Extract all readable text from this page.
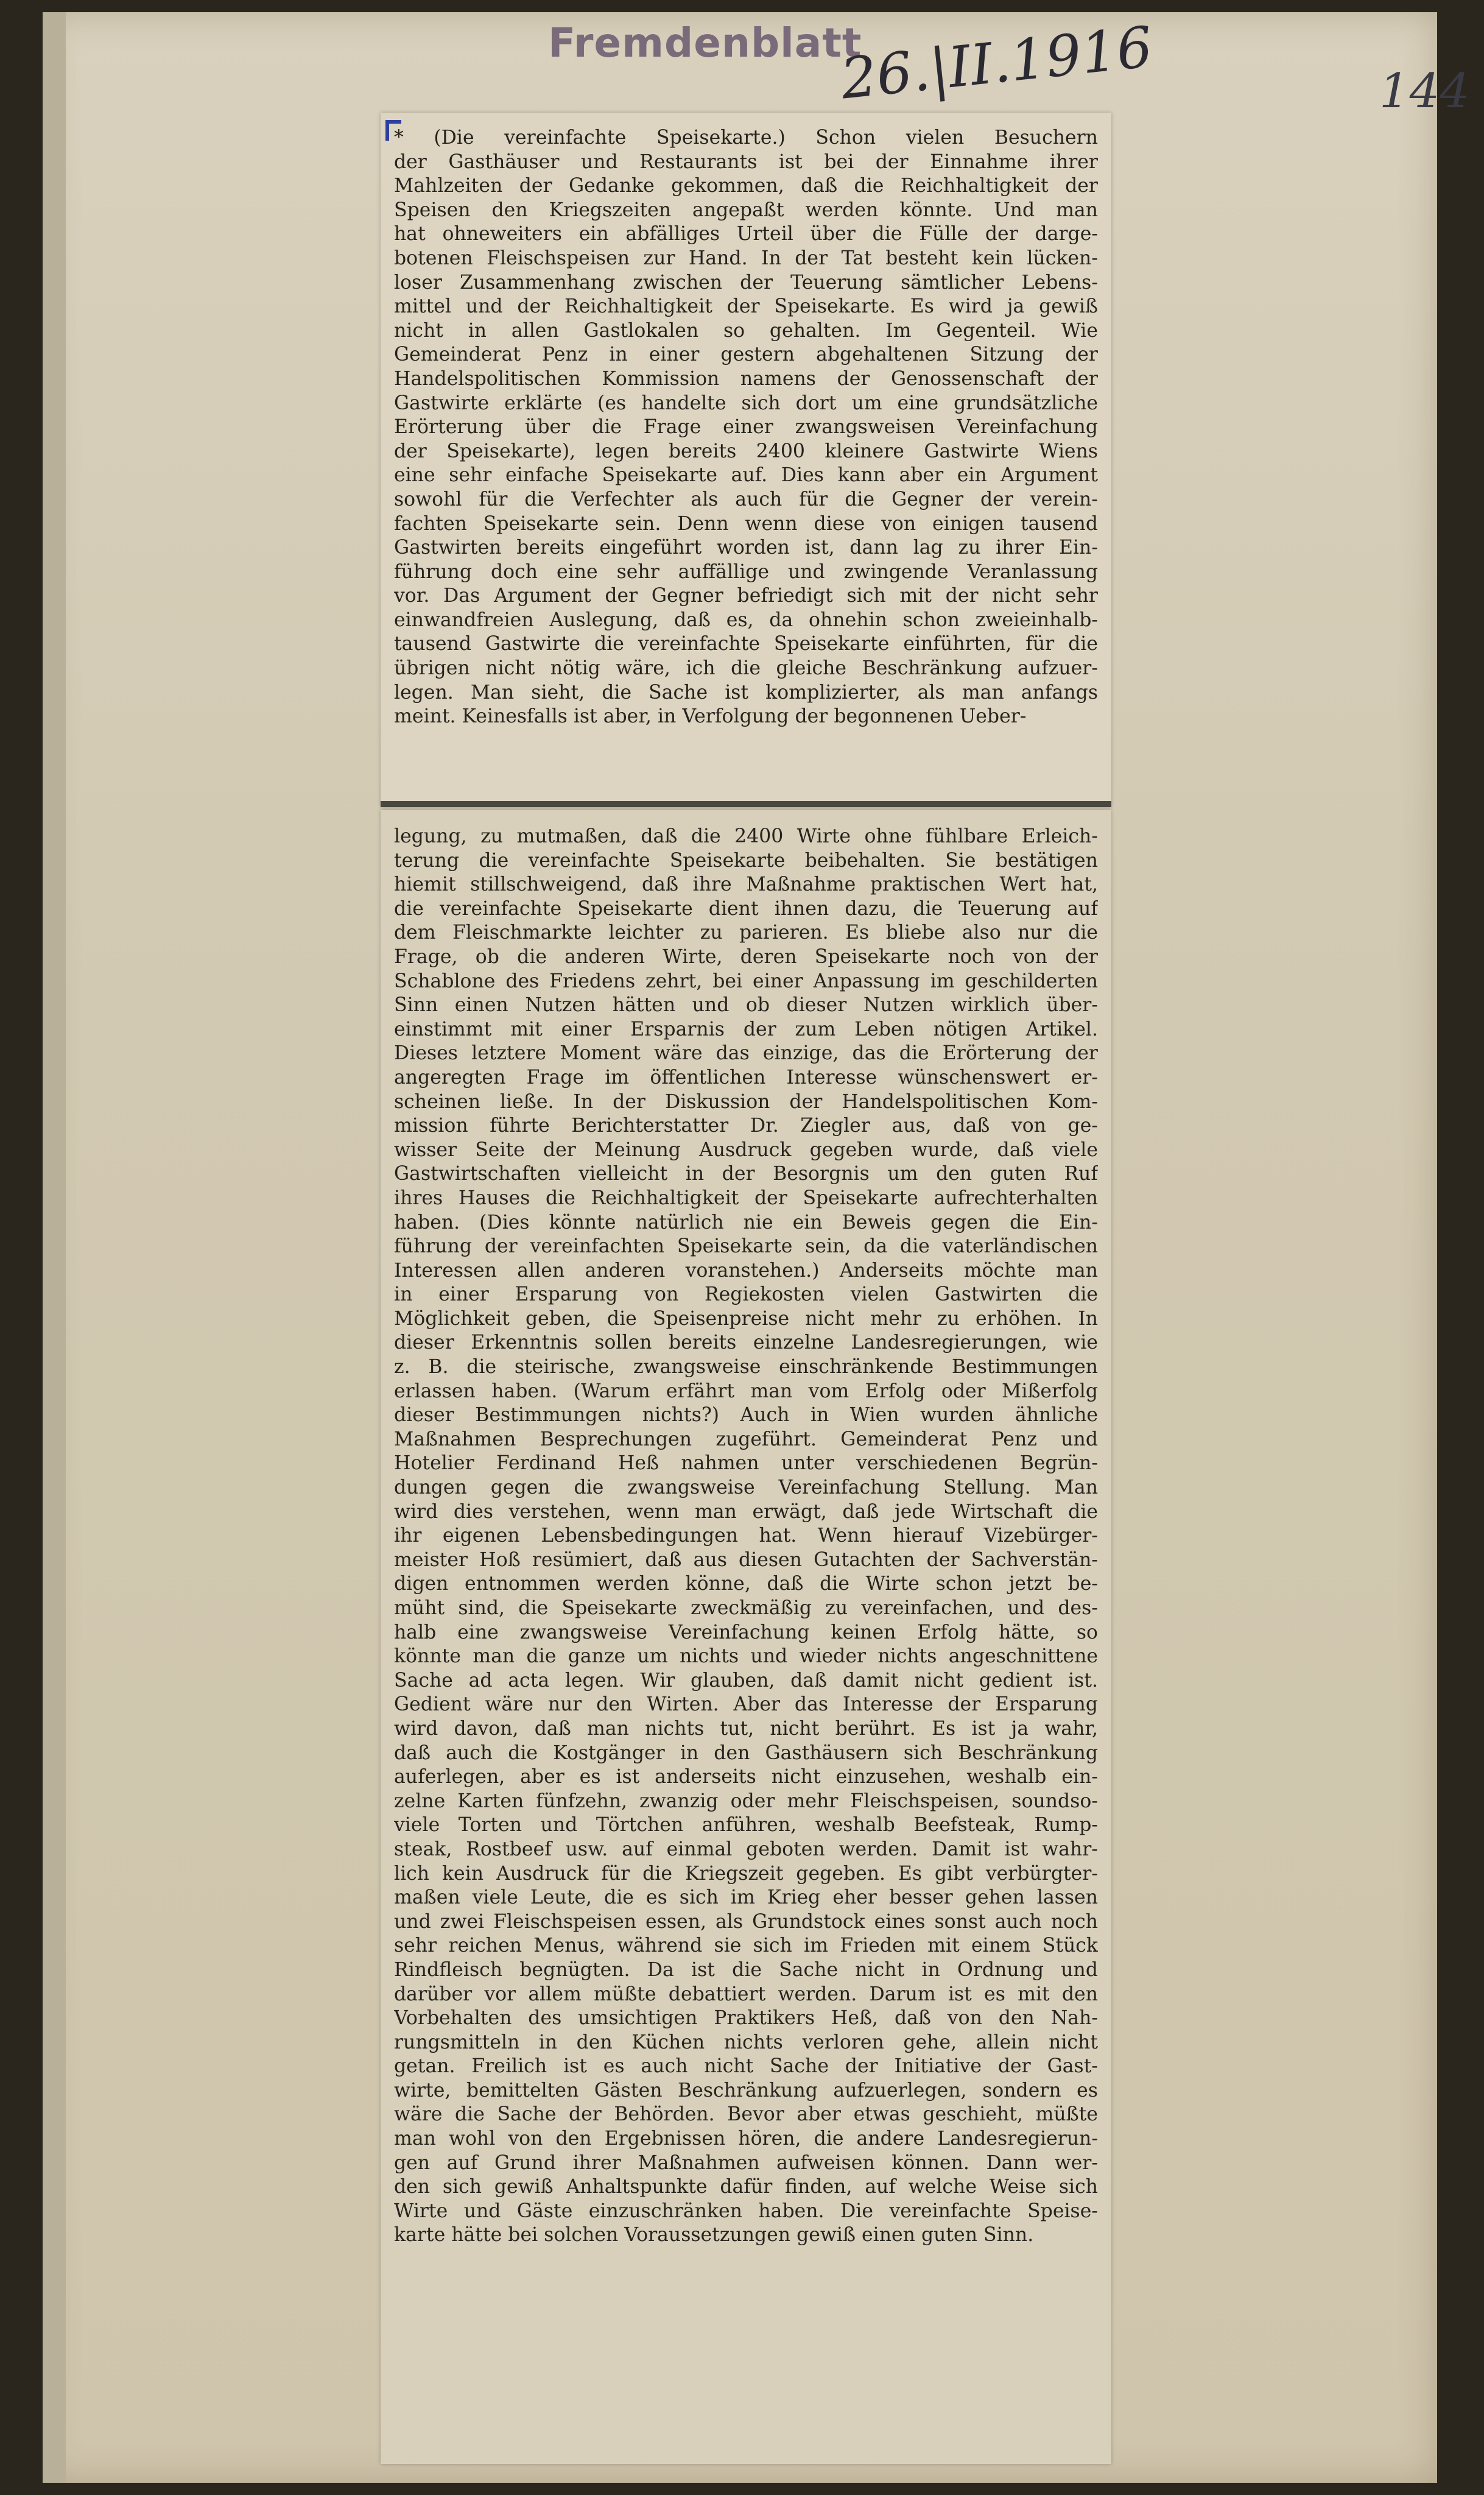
Fremdenblatt
26.|II.1916	144
* (Die vereinfachte Speisekarte.) Schon vielen Besuchern
der Gasthäuser und Restaurants ist bei der Einnahme ihrer
Mahlzeiten der Gedanke gekommen, daß die Reichhaltigkeit der
Speisen den Kriegszeiten angepaßt werden könnte. Und man
hat ohneweiters ein abfälliges Urteil über die Fülle der darge-
botenen Fleischspeisen zur Hand. In der Tat besteht kein lücken-
loser Zusammenhang zwischen der Teuerung sämtlicher Lebens-
mittel und der Reichhaltigkeit der Speisekarte. Es wird ja gewiß
nicht in allen Gastlokalen so gehalten. Im Gegenteil. Wie
Gemeinderat Penz in einer gestern abgehaltenen Sitzung der
Handelspolitischen Kommission namens der Genossenschaft der
Gastwirte erklärte (es handelte sich dort um eine grundsätzliche
Erörterung über die Frage einer zwangsweisen Vereinfachung
der Speisekarte), legen bereits 2400 kleinere Gastwirte Wiens
eine sehr einfache Speisekarte auf. Dies kann aber ein Argument
sowohl für die Verfechter als auch für die Gegner der verein-
fachten Speisekarte sein. Denn wenn diese von einigen tausend
Gastwirten bereits eingeführt worden ist, dann lag zu ihrer Ein-
führung doch eine sehr auffällige und zwingende Veranlassung
vor. Das Argument der Gegner befriedigt sich mit der nicht sehr
einwandfreien Auslegung, daß es, da ohnehin schon zweieinhalb-
tausend Gastwirte die vereinfachte Speisekarte einführten, für die
übrigen nicht nötig wäre, ich die gleiche Beschränkung aufzuer-
legen. Man sieht, die Sache ist komplizierter, als man anfangs
meint. Keinesfalls ist aber, in Verfolgung der begonnenen Ueber-
legung, zu mutmaßen, daß die 2400 Wirte ohne fühlbare Erleich-
terung die vereinfachte Speisekarte beibehalten. Sie bestätigen
hiemit stillschweigend, daß ihre Maßnahme praktischen Wert hat,
die vereinfachte Speisekarte dient ihnen dazu, die Teuerung auf
dem Fleischmarkte leichter zu parieren. Es bliebe also nur die
Frage, ob die anderen Wirte, deren Speisekarte noch von der
Schablone des Friedens zehrt, bei einer Anpassung im geschilderten
Sinn einen Nutzen hätten und ob dieser Nutzen wirklich über-
einstimmt mit einer Ersparnis der zum Leben nötigen Artikel.
Dieses letztere Moment wäre das einzige, das die Erörterung der
angeregten Frage im öffentlichen Interesse wünschenswert er-
scheinen ließe. In der Diskussion der Handelspolitischen Kom-
mission führte Berichterstatter Dr. Ziegler aus, daß von ge-
wisser Seite der Meinung Ausdruck gegeben wurde, daß viele
Gastwirtschaften vielleicht in der Besorgnis um den guten Ruf
ihres Hauses die Reichhaltigkeit der Speisekarte aufrechterhalten
haben. (Dies könnte natürlich nie ein Beweis gegen die Ein-
führung der vereinfachten Speisekarte sein, da die vaterländischen
Interessen allen anderen voranstehen.) Anderseits möchte man
in einer Ersparung von Regiekosten vielen Gastwirten die
Möglichkeit geben, die Speisenpreise nicht mehr zu erhöhen. In
dieser Erkenntnis sollen bereits einzelne Landesregierungen, wie
z. B. die steirische, zwangsweise einschränkende Bestimmungen
erlassen haben. (Warum erfährt man vom Erfolg oder Mißerfolg
dieser Bestimmungen nichts?) Auch in Wien wurden ähnliche
Maßnahmen Besprechungen zugeführt. Gemeinderat Penz und
Hotelier Ferdinand Heß nahmen unter verschiedenen Begrün-
dungen gegen die zwangsweise Vereinfachung Stellung. Man
wird dies verstehen, wenn man erwägt, daß jede Wirtschaft die
ihr eigenen Lebensbedingungen hat. Wenn hierauf Vizebürger-
meister Hoß resümiert, daß aus diesen Gutachten der Sachverstän-
digen entnommen werden könne, daß die Wirte schon jetzt be-
müht sind, die Speisekarte zweckmäßig zu vereinfachen, und des-
halb eine zwangsweise Vereinfachung keinen Erfolg hätte, so
könnte man die ganze um nichts und wieder nichts angeschnittene
Sache ad acta legen. Wir glauben, daß damit nicht gedient ist.
Gedient wäre nur den Wirten. Aber das Interesse der Ersparung
wird davon, daß man nichts tut, nicht berührt. Es ist ja wahr,
daß auch die Kostgänger in den Gasthäusern sich Beschränkung
auferlegen, aber es ist anderseits nicht einzusehen, weshalb ein-
zelne Karten fünfzehn, zwanzig oder mehr Fleischspeisen, soundso-
viele Torten und Törtchen anführen, weshalb Beefsteak, Rump-
steak, Rostbeef usw. auf einmal geboten werden. Damit ist wahr-
lich kein Ausdruck für die Kriegszeit gegeben. Es gibt verbürgter-
maßen viele Leute, die es sich im Krieg eher besser gehen lassen
und zwei Fleischspeisen essen, als Grundstock eines sonst auch noch
sehr reichen Menus, während sie sich im Frieden mit einem Stück
Rindfleisch begnügten. Da ist die Sache nicht in Ordnung und
darüber vor allem müßte debattiert werden. Darum ist es mit den
Vorbehalten des umsichtigen Praktikers Heß, daß von den Nah-
rungsmitteln in den Küchen nichts verloren gehe, allein nicht
getan. Freilich ist es auch nicht Sache der Initiative der Gast-
wirte, bemittelten Gästen Beschränkung aufzuerlegen, sondern es
wäre die Sache der Behörden. Bevor aber etwas geschieht, müßte
man wohl von den Ergebnissen hören, die andere Landesregierun-
gen auf Grund ihrer Maßnahmen aufweisen können. Dann wer-
den sich gewiß Anhaltspunkte dafür finden, auf welche Weise sich
Wirte und Gäste einzuschränken haben. Die vereinfachte Speise-
karte hätte bei solchen Voraussetzungen gewiß einen guten Sinn.
